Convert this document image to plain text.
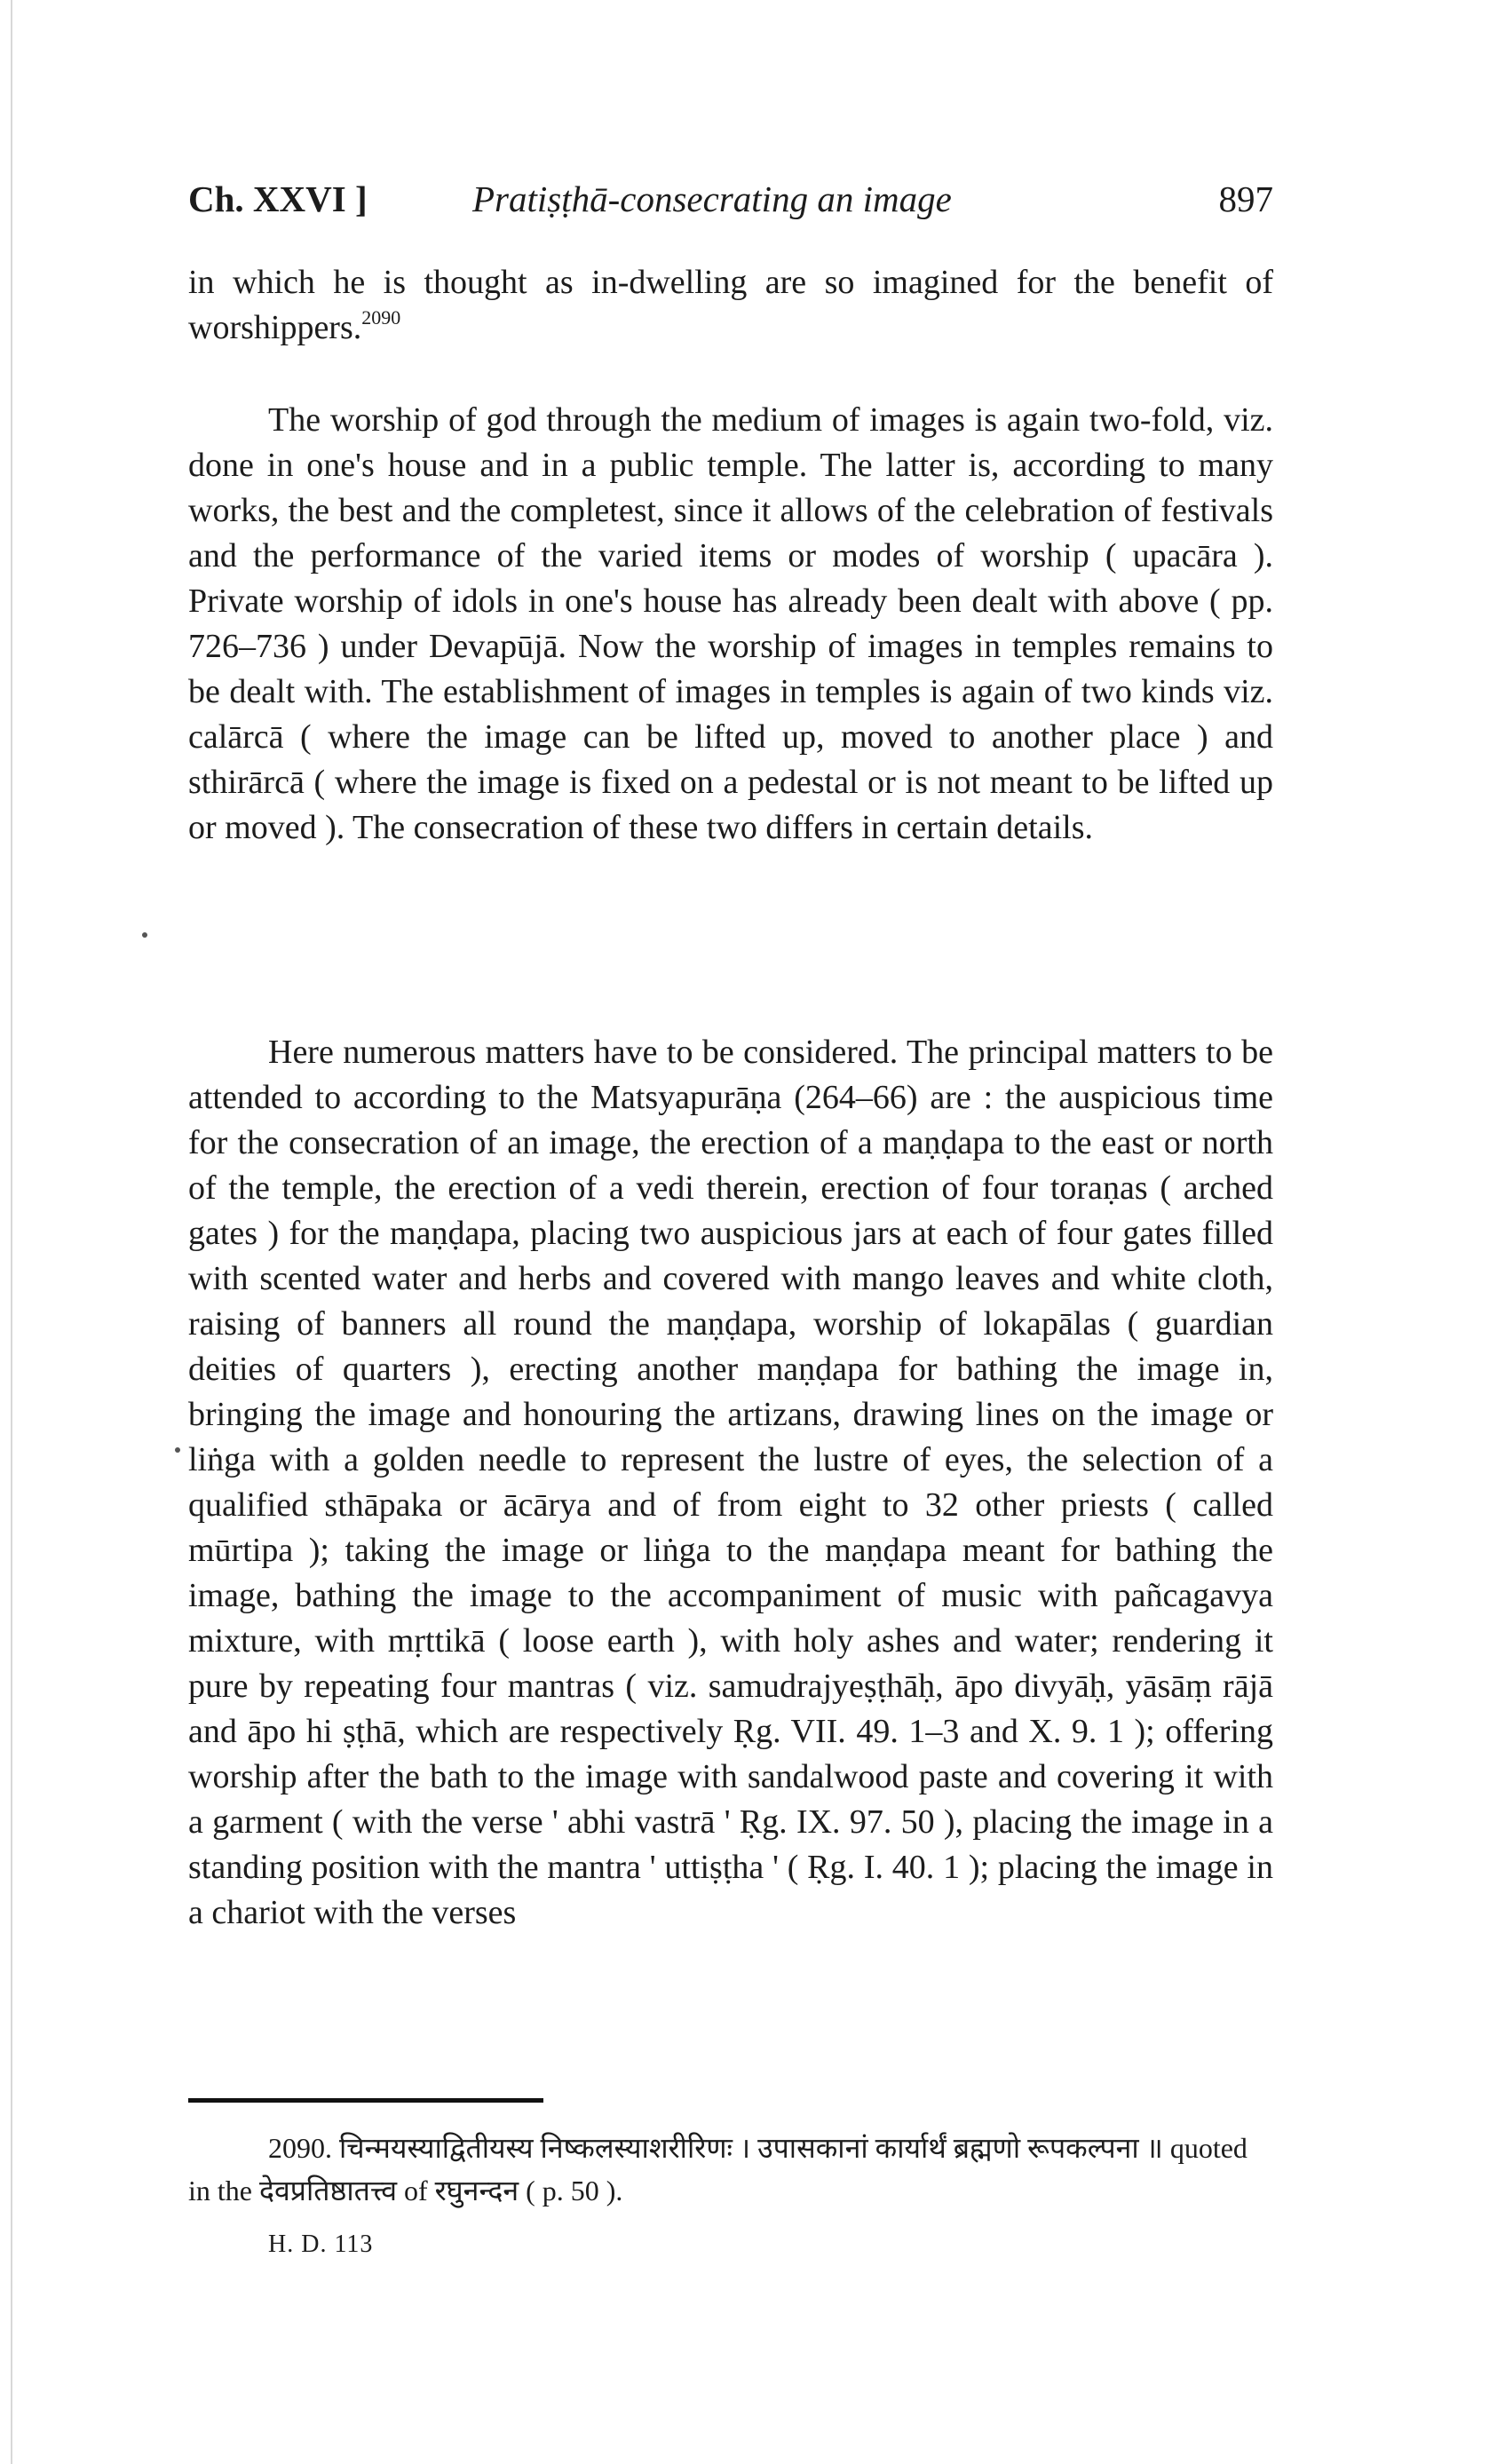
Ch. XXVI ]	Pratiṣṭhā-consecrating an image	897

in which he is thought as in-dwelling are so imagined for the benefit of worshippers.$^{2090}$

The worship of god through the medium of images is again two-fold, viz. done in one's house and in a public temple. The latter is, according to many works, the best and the completest, since it allows of the celebration of festivals and the performance of the varied items or modes of worship ( upacāra ). Private worship of idols in one's house has already been dealt with above ( pp. 726–736 ) under Devapūjā. Now the worship of images in temples remains to be dealt with. The establishment of images in temples is again of two kinds viz. calārcā ( where the image can be lifted up, moved to another place ) and sthirārcā ( where the image is fixed on a pedestal or is not meant to be lifted up or moved ). The consecration of these two differs in certain details.

Here numerous matters have to be considered. The principal matters to be attended to according to the Matsyapurāṇa (264–66) are : the auspicious time for the consecration of an image, the erection of a maṇḍapa to the east or north of the temple, the erection of a vedi therein, erection of four toraṇas ( arched gates ) for the maṇḍapa, placing two auspicious jars at each of four gates filled with scented water and herbs and covered with mango leaves and white cloth, raising of banners all round the maṇḍapa, worship of lokapālas ( guardian deities of quarters ), erecting another maṇḍapa for bathing the image in, bringing the image and honouring the artizans, drawing lines on the image or liṅga with a golden needle to represent the lustre of eyes, the selection of a qualified sthāpaka or ācārya and of from eight to 32 other priests ( called mūrtipa ); taking the image or liṅga to the maṇḍapa meant for bathing the image, bathing the image to the accompaniment of music with pañcagavya mixture, with mṛttikā ( loose earth ), with holy ashes and water; rendering it pure by repeating four mantras ( viz. samudrajyeṣṭhāḥ, āpo divyāḥ, yāsāṃ rājā and āpo hi ṣṭhā, which are respectively Ṛg. VII. 49. 1–3 and X. 9. 1 ); offering worship after the bath to the image with sandalwood paste and covering it with a garment ( with the verse ' abhi vastrā ' Ṛg. IX. 97. 50 ), placing the image in a standing position with the mantra ' uttiṣṭha ' ( Ṛg. I. 40. 1 ); placing the image in a chariot with the verses

2090. चिन्मयस्याद्वितीयस्य निष्कलस्याशरीरिणः । उपासकानां कार्यार्थं ब्रह्मणो रूपकल्पना ॥ quoted in the देवप्रतिष्ठातत्त्व of रघुनन्दन ( p. 50 ).

H. D. 113
